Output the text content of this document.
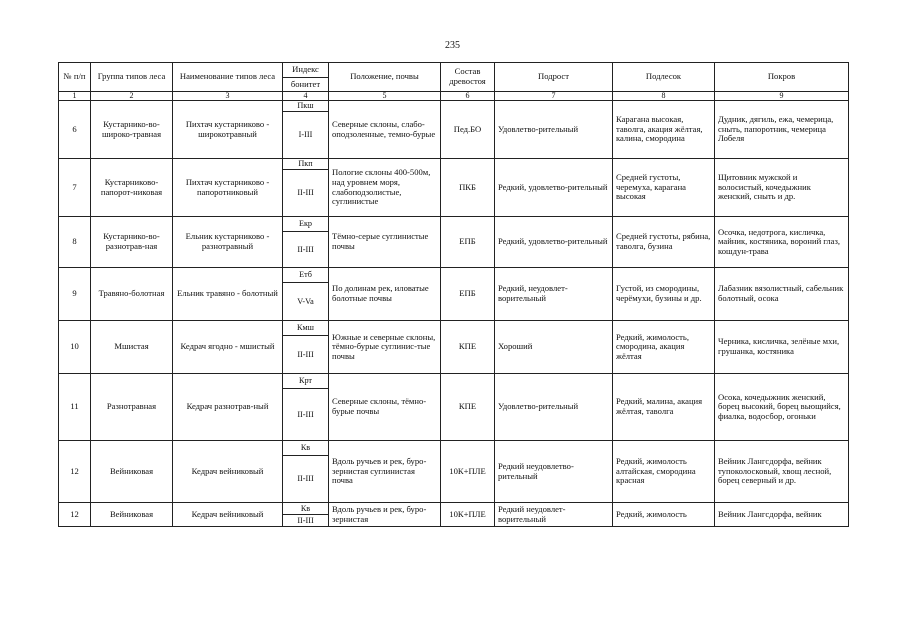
235
№ п/п	Группа типов леса	Наименование типов леса	Индекс	Положение, почвы	Состав древостоя	Подрост	Подлесок	Покров
			бонитет					
1	2	3	4	5	6	7	8	9
6	Кустарнико-во-широко-травная	Пихтач кустарниково - широкотравный	Пкш	Северные склоны, слабо-оподзоленные, темно-бурые	Пед.БО	Удовлетво-рительный	Карагана высокая, таволга, акация жёлтая, калина, смородина	Дудник, дягиль, ежа, чемерица, сныть, папоротник, чемерица Лобеля
			I-III					
7	Кустарниково-папорот-никовая	Пихтач кустарниково - папоротниковый	Пкп	Пологие склоны 400-500м, над уровнем моря, слабоподзолистые, суглинистые	ПКБ	Редкий, удовлетво-рительный	Средней густоты, черемуха, карагана высокая	Щитовник мужской и волосистый, кочедыжник женский, сныть и др.
			II-III					
8	Кустарнико-во-разнотрав-ная	Ельник кустарниково - разнотравный	Екр	Тёмно-серые суглинистые почвы	ЕПБ	Редкий, удовлетво-рительный	Средней густоты, рябина, таволга, бузина	Осочка, недотрога, кисличка, майник, костяника, вороний глаз, кошдун-трава
			II-III					
9	Травяно-болотная	Ельник травяно - болотный	Етб	По долинам рек, иловатые болотные почвы	ЕПБ	Редкий, неудовлет-ворительный	Густой, из смородины, черёмухи, бузины и др.	Лабазник вязолистный, сабельник болотный, осока
			V-Va					
10	Мшистая	Кедрач ягодно - мшистый	Кмш	Южные и северные склоны, тёмно-бурые суглинис-тые почвы	КПЕ	Хороший	Редкий, жимолость, смородина, акация жёлтая	Черника, кисличка, зелёные мхи, грушанка, костяника
			II-III					
11	Разнотравная	Кедрач разнотрав-ный	Крт	Северные склоны, тёмно-бурые почвы	КПЕ	Удовлетво-рительный	Редкий, малина, акация жёлтая, таволга	Осока, кочедыжник женский, борец высокий, борец вьющийся, фиалка, водосбор, огоньки
			II-III					
12	Вейниковая	Кедрач вейниковый	Кв	Вдоль ручьев и рек, буро-зернистая суглинистая почва	10К+ПЛЕ	Редкий неудовлетво-рительный	Редкий, жимолость алтайская, смородина красная	Вейник Лангсдорфа, вейник тупоколосковый, хвощ лесной, борец северный и др.
			II-III					
12	Вейниковая	Кедрач вейниковый	Кв	Вдоль ручьев и рек, буро-зернистая	10К+ПЛЕ	Редкий неудовлет-ворительный	Редкий, жимолость	Вейник Лангсдорфа, вейник
			II-III					
